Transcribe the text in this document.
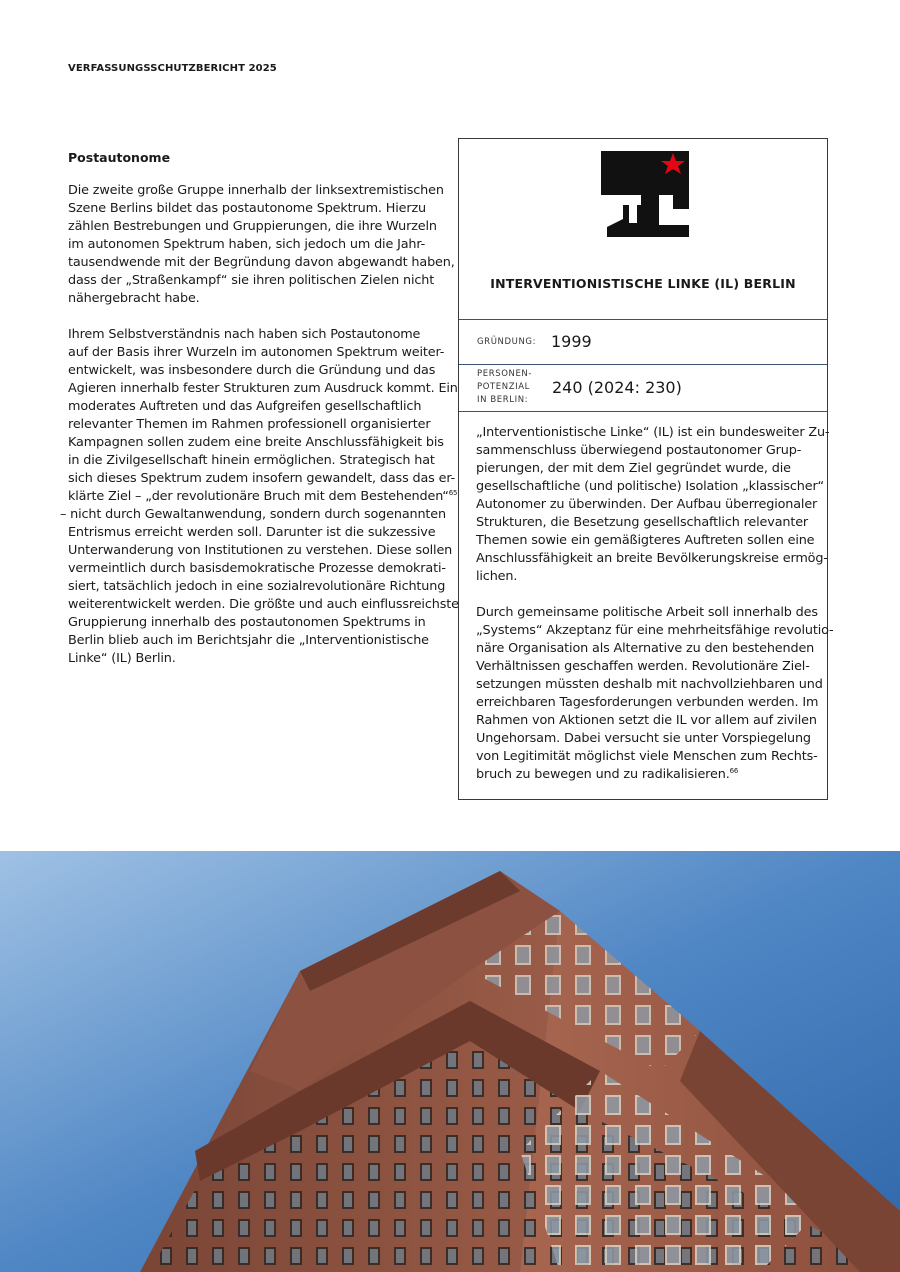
VERFASSUNGSSCHUTZBERICHT 2025
Postautonome
Die zweite große Gruppe innerhalb der linksextremistischen
Szene Berlins bildet das postautonome Spektrum. Hierzu
zählen Bestrebungen und Gruppierungen, die ihre Wurzeln
im autonomen Spektrum haben, sich jedoch um die Jahr-
tausendwende mit der Begründung davon abgewandt haben,
dass der „Straßenkampf“ sie ihren politischen Zielen nicht
nähergebracht habe.
Ihrem Selbstverständnis nach haben sich Postautonome
auf der Basis ihrer Wurzeln im autonomen Spektrum weiter-
entwickelt, was insbesondere durch die Gründung und das
Agieren innerhalb fester Strukturen zum Ausdruck kommt. Ein
moderates Auftreten und das Aufgreifen gesellschaftlich
relevanter Themen im Rahmen professionell organisierter
Kampagnen sollen zudem eine breite Anschlussfähigkeit bis
in die Zivilgesellschaft hinein ermöglichen. Strategisch hat
sich dieses Spektrum zudem insofern gewandelt, dass das er-
klärte Ziel – „der revolutionäre Bruch mit dem Bestehenden“$^{65}$
– nicht durch Gewaltanwendung, sondern durch sogenannten
Entrismus erreicht werden soll. Darunter ist die sukzessive
Unterwanderung von Institutionen zu verstehen. Diese sollen
vermeintlich durch basisdemokratische Prozesse demokrati-
siert, tatsächlich jedoch in eine sozialrevolutionäre Richtung
weiterentwickelt werden. Die größte und auch einflussreichste
Gruppierung innerhalb des postautonomen Spektrums in
Berlin blieb auch im Berichtsjahr die „Interventionistische
Linke“ (IL) Berlin.
INTERVENTIONISTISCHE LINKE (IL) BERLIN
GRÜNDUNG: 1999
PERSONEN-
POTENZIAL
IN BERLIN:
240 (2024: 230)
„Interventionistische Linke“ (IL) ist ein bundesweiter Zu-
sammenschluss überwiegend postautonomer Grup-
pierungen, der mit dem Ziel gegründet wurde, die
gesellschaftliche (und politische) Isolation „klassischer“
Autonomer zu überwinden. Der Aufbau überregionaler
Strukturen, die Besetzung gesellschaftlich relevanter
Themen sowie ein gemäßigteres Auftreten sollen eine
Anschlussfähigkeit an breite Bevölkerungskreise ermög-
lichen.
Durch gemeinsame politische Arbeit soll innerhalb des
„Systems“ Akzeptanz für eine mehrheitsfähige revolutio-
näre Organisation als Alternative zu den bestehenden
Verhältnissen geschaffen werden. Revolutionäre Ziel-
setzungen müssten deshalb mit nachvollziehbaren und
erreichbaren Tagesforderungen verbunden werden. Im
Rahmen von Aktionen setzt die IL vor allem auf zivilen
Ungehorsam. Dabei versucht sie unter Vorspiegelung
von Legitimität möglichst viele Menschen zum Rechts-
bruch zu bewegen und zu radikalisieren.$^{66}$
